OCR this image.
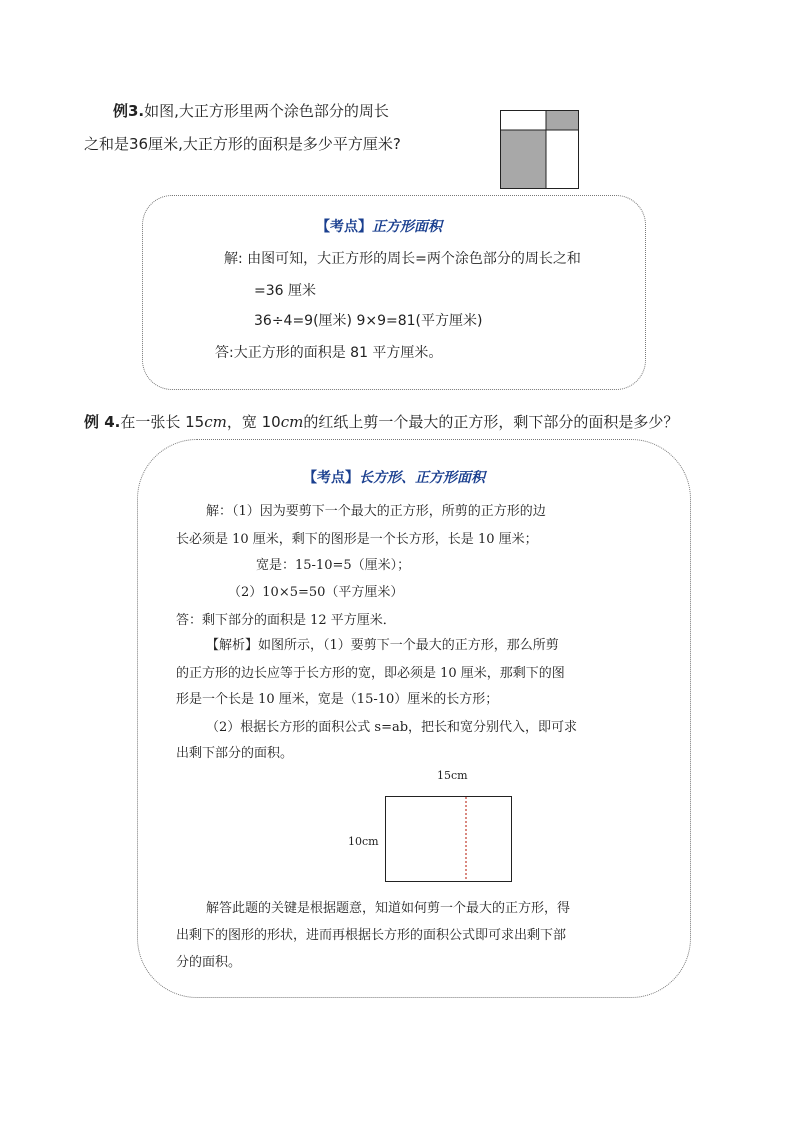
例3.如图,大正方形里两个涂色部分的周长
之和是36厘米,大正方形的面积是多少平方厘米?
【考点】正方形面积
解: 由图可知，大正方形的周长=两个涂色部分的周长之和
=36 厘米
36÷4=9(厘米) 9×9=81(平方厘米)
答:大正方形的面积是 81 平方厘米。
例 4.在一张长 15cm，宽 10cm的红纸上剪一个最大的正方形，剩下部分的面积是多少？
【考点】长方形、正方形面积
解：（1）因为要剪下一个最大的正方形，所剪的正方形的边
长必须是 10 厘米，剩下的图形是一个长方形，长是 10 厘米；
宽是：15-10=5（厘米）；
（2）10×5=50（平方厘米）
答：剩下部分的面积是 12 平方厘米．
【解析】如图所示，（1）要剪下一个最大的正方形，那么所剪
的正方形的边长应等于长方形的宽，即必须是 10 厘米，那剩下的图
形是一个长是 10 厘米，宽是（15-10）厘米的长方形；
（2）根据长方形的面积公式 s=ab，把长和宽分别代入，即可求
出剩下部分的面积。
15cm
10cm
解答此题的关键是根据题意，知道如何剪一个最大的正方形，得
出剩下的图形的形状，进而再根据长方形的面积公式即可求出剩下部
分的面积。
